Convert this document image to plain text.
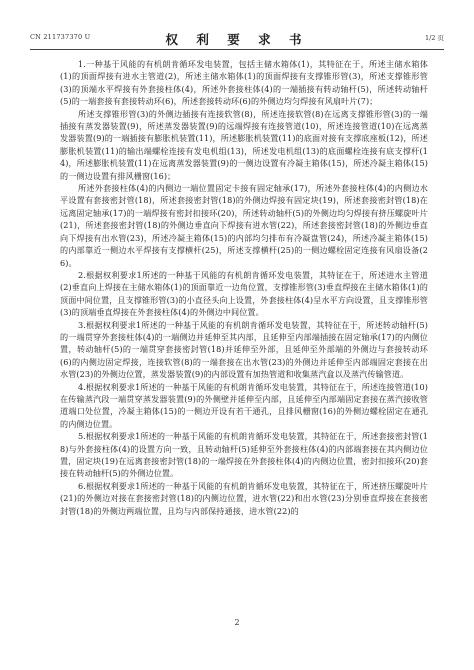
CN 211737370 U	权 利 要 求 书	1/2 页

1.一种基于风能的有机朗肯循环发电装置，包括主储水箱体(1)，其特征在于，所述主储水箱体(1)的顶面焊接有进水主管道(2)，所述主储水箱体(1)的顶面焊接有支撑锥形管(3)，所述支撑锥形管(3)的顶端水平焊接有外套接柱体(4)，所述外套接柱体(4)的一端插接有转动轴杆(5)，所述转动轴杆(5)的一端套接有套接转动环(6)，所述套接转动环(6)的外侧边均匀焊接有风扇叶片(7)；

所述支撑锥形管(3)的外侧边插接有连接软管(8)，所述连接软管(8)在远离支撑锥形管(3)的一端插接有蒸发器装置(9)，所述蒸发器装置(9)的远端焊接有连接管道(10)，所述连接管道(10)在远离蒸发器装置(9)的一端插接有膨胀机装置(11)，所述膨胀机装置(11)的底面对接有支撑底座板(12)，所述膨胀机装置(11)的输出端螺栓连接有发电机组(13)，所述发电机组(13)的底面螺栓连接有底支撑杆(14)，所述膨胀机装置(11)在远离蒸发器装置(9)的一侧边设置有冷凝主箱体(15)，所述冷凝主箱体(15)的一侧边设置有排风栅窗(16)；

所述外套接柱体(4)的内侧边一端位置固定卡接有固定轴承(17)，所述外套接柱体(4)的内侧边水平设置有套接密封管(18)，所述套接密封管(18)的外侧边焊接有固定块(19)，所述套接密封管(18)在远离固定轴承(17)的一端焊接有密封扣接环(20)，所述转动轴杆(5)的外侧边均匀焊接有挤压螺旋叶片(21)，所述套接密封管(18)的外侧边垂直向下焊接有进水管(22)，所述套接密封管(18)的外侧边垂直向下焊接有出水管(23)，所述冷凝主箱体(15)的内部均匀排布有冷凝盘管(24)，所述冷凝主箱体(15)的内部靠近一侧边水平焊接有支撑横杆(25)，所述支撑横杆(25)的一侧边螺栓固定连接有风扇设备(26)。

2.根据权利要求1所述的一种基于风能的有机朗肯循环发电装置，其特征在于，所述进水主管道(2)垂直向上焊接在主储水箱体(1)的顶面靠近一边角位置，支撑锥形管(3)垂直焊接在主储水箱体(1)的顶面中间位置，且支撑锥形管(3)的小直径头向上设置，外套接柱体(4)呈水平方向设置，且支撑锥形管(3)的顶端垂直焊接在外套接柱体(4)的外侧边中间位置。

3.根据权利要求1所述的一种基于风能的有机朗肯循环发电装置，其特征在于，所述转动轴杆(5)的一端贯穿外套接柱体(4)的一端侧边并延伸至其内部，且延伸至内部端插接在固定轴承(17)的内侧位置，转动轴杆(5)的一端贯穿套接密封管(18)并延伸至外部，且延伸至外部端的外侧边与套接转动环(6)的内侧边固定焊接，连接软管(8)的一端套接在出水管(23)的外侧边并延伸至内部端固定套接在出水管(23)的外侧边位置，蒸发器装置(9)的内部设置有加热管道和收集蒸汽盒以及蒸汽传输管道。

4.根据权利要求1所述的一种基于风能的有机朗肯循环发电装置，其特征在于，所述连接管道(10)在传输蒸汽段一端贯穿蒸发器装置(9)的外侧壁并延伸至内部，且延伸至内部端固定套接在蒸汽接收管道端口处位置，冷凝主箱体(15)的一侧边开设有若干通孔，且排风栅窗(16)的外侧边螺栓固定在通孔的内侧边位置。

5.根据权利要求1所述的一种基于风能的有机朗肯循环发电装置，其特征在于，所述套接密封管(18)与外套接柱体(4)的设置方向一致，且转动轴杆(5)延伸至外套接柱体(4)的内部端套接在其内侧边位置，固定块(19)在远离套接密封管(18)的一端焊接在外套接柱体(4)的内侧边位置，密封扣接环(20)套接在转动轴杆(5)的外侧边位置。

6.根据权利要求1所述的一种基于风能的有机朗肯循环发电装置，其特征在于，所述挤压螺旋叶片(21)的外侧边对接在套接密封管(18)的内侧边位置，进水管(22)和出水管(23)分别垂直焊接在套接密封管(18)的外侧边两端位置，且均与内部保持通接，进水管(22)的

2
